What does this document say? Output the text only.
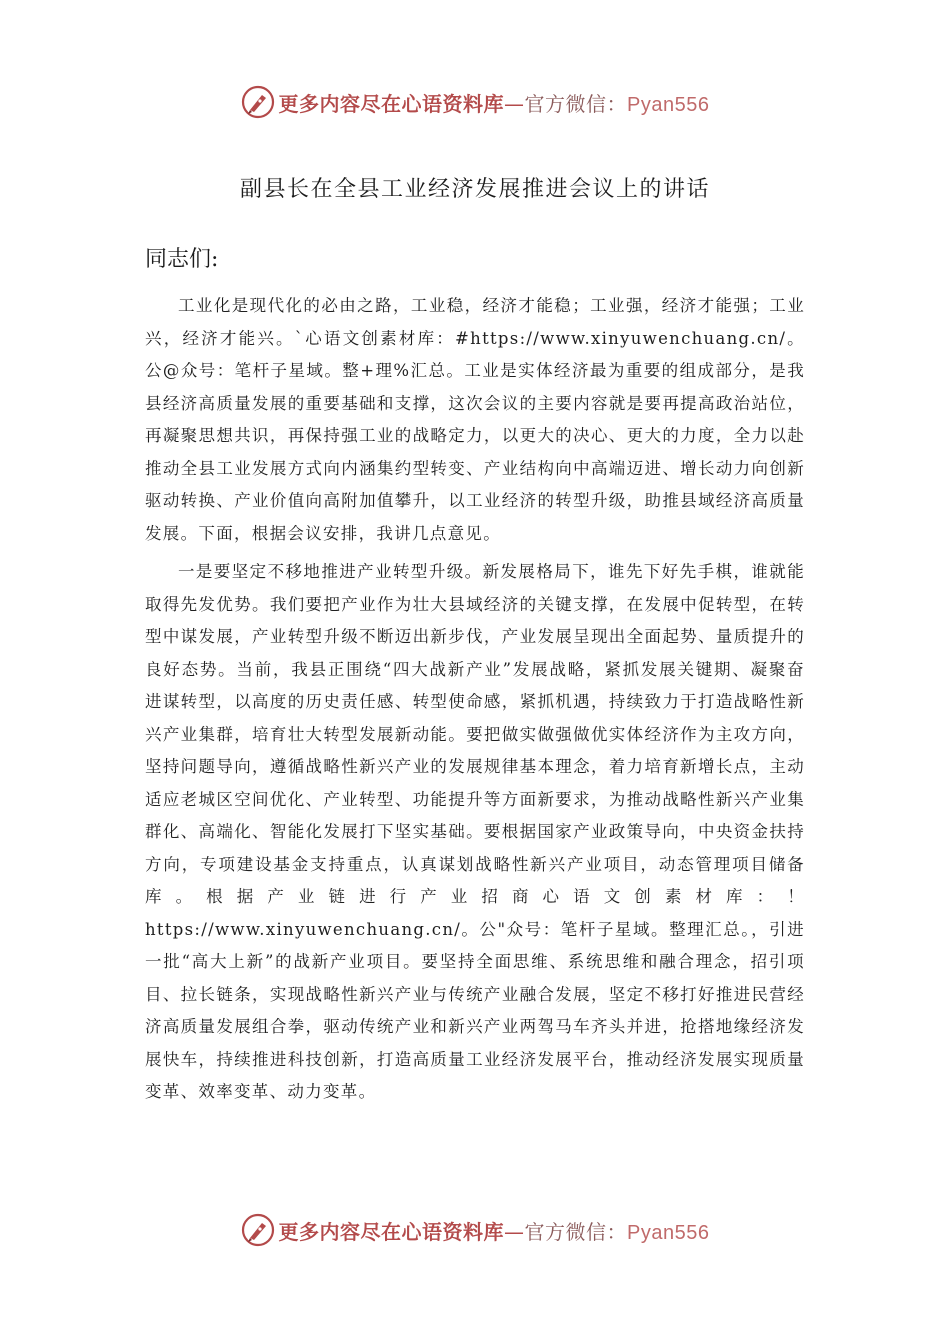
更多内容尽在心语资料库—官方微信：Pyan556
副县长在全县工业经济发展推进会议上的讲话
同志们:

工业化是现代化的必由之路，工业稳，经济才能稳；工业强，经济才能强；工业兴，经济才能兴。`心语文创素材库：#https://www.xinyuwenchuang.cn/。公@众号：笔杆子星域。整+理%汇总。工业是实体经济最为重要的组成部分，是我县经济高质量发展的重要基础和支撑，这次会议的主要内容就是要再提高政治站位，再凝聚思想共识，再保持强工业的战略定力，以更大的决心、更大的力度，全力以赴推动全县工业发展方式向内涵集约型转变、产业结构向中高端迈进、增长动力向创新驱动转换、产业价值向高附加值攀升，以工业经济的转型升级，助推县域经济高质量发展。下面，根据会议安排，我讲几点意见。

一是要坚定不移地推进产业转型升级。新发展格局下，谁先下好先手棋，谁就能取得先发优势。我们要把产业作为壮大县域经济的关键支撑，在发展中促转型，在转型中谋发展，产业转型升级不断迈出新步伐，产业发展呈现出全面起势、量质提升的良好态势。当前，我县正围绕“四大战新产业”发展战略，紧抓发展关键期、凝聚奋进谋转型，以高度的历史责任感、转型使命感，紧抓机遇，持续致力于打造战略性新兴产业集群，培育壮大转型发展新动能。要把做实做强做优实体经济作为主攻方向，坚持问题导向，遵循战略性新兴产业的发展规律基本理念，着力培育新增长点，主动适应老城区空间优化、产业转型、功能提升等方面新要求，为推动战略性新兴产业集群化、高端化、智能化发展打下坚实基础。要根据国家产业政策导向，中央资金扶持方向，专项建设基金支持重点，认真谋划战略性新兴产业项目，动态管理项目储备库。根据产业链进行产业招商心语文创素材库：！https://www.xinyuwenchuang.cn/。公"众号：笔杆子星域。整理汇总。，引进一批“高大上新”的战新产业项目。要坚持全面思维、系统思维和融合理念，招引项目、拉长链条，实现战略性新兴产业与传统产业融合发展，坚定不移打好推进民营经济高质量发展组合拳，驱动传统产业和新兴产业两驾马车齐头并进，抢搭地缘经济发展快车，持续推进科技创新，打造高质量工业经济发展平台，推动经济发展实现质量变革、效率变革、动力变革。

更多内容尽在心语资料库—官方微信：Pyan556
